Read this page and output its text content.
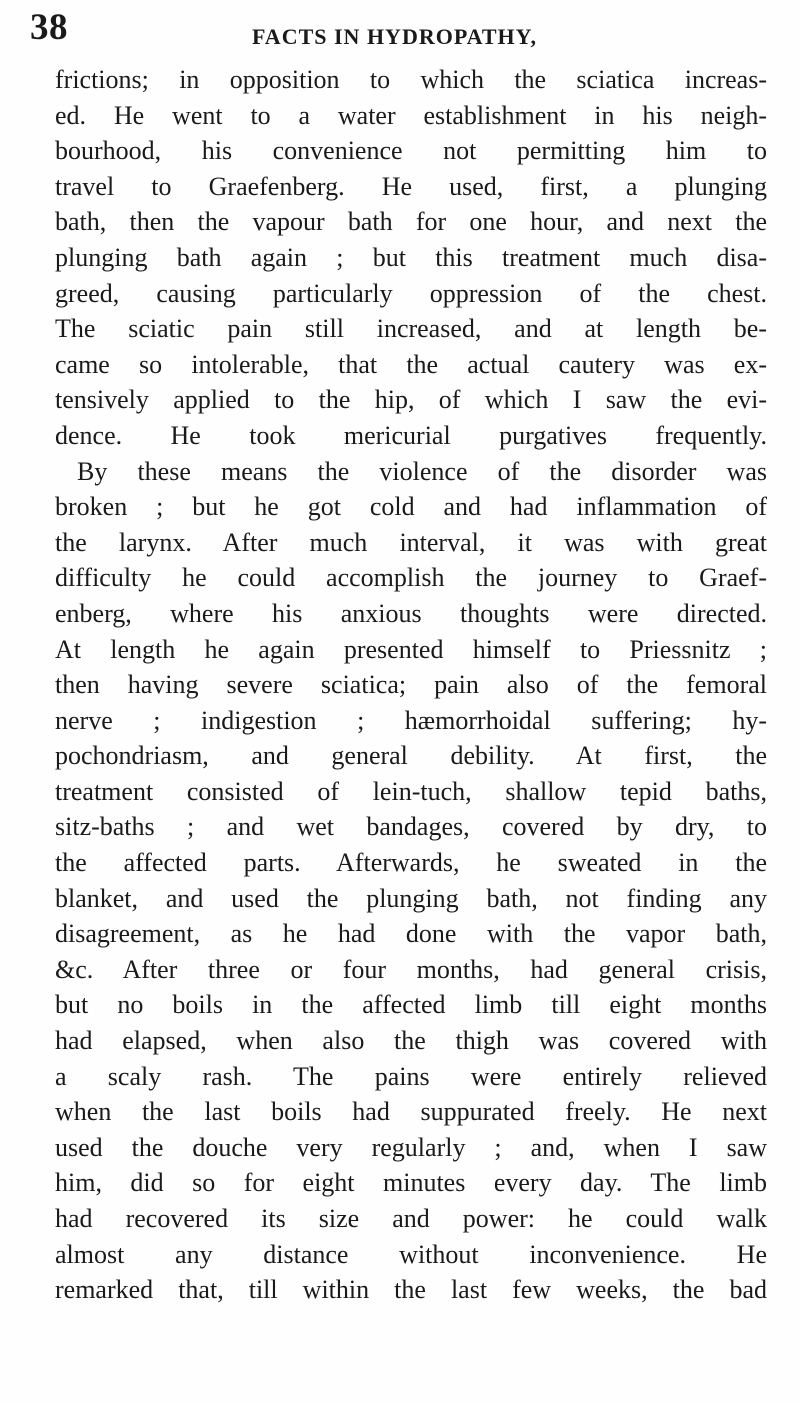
38	FACTS IN HYDROPATHY,
frictions; in opposition to which the sciatica increas-
ed. He went to a water establishment in his neigh-
bourhood, his convenience not permitting him to
travel to Graefenberg. He used, first, a plunging
bath, then the vapour bath for one hour, and next the
plunging bath again ; but this treatment much disa-
greed, causing particularly oppression of the chest.
The sciatic pain still increased, and at length be-
came so intolerable, that the actual cautery was ex-
tensively applied to the hip, of which I saw the evi-
dence. He took mericurial purgatives frequently.
By these means the violence of the disorder was
broken ; but he got cold and had inflammation of
the larynx. After much interval, it was with great
difficulty he could accomplish the journey to Graef-
enberg, where his anxious thoughts were directed.
At length he again presented himself to Priessnitz ;
then having severe sciatica; pain also of the femoral
nerve ; indigestion ; hæmorrhoidal suffering; hy-
pochondriasm, and general debility. At first, the
treatment consisted of lein-tuch, shallow tepid baths,
sitz-baths ; and wet bandages, covered by dry, to
the affected parts. Afterwards, he sweated in the
blanket, and used the plunging bath, not finding any
disagreement, as he had done with the vapor bath,
&c. After three or four months, had general crisis,
but no boils in the affected limb till eight months
had elapsed, when also the thigh was covered with
a scaly rash. The pains were entirely relieved
when the last boils had suppurated freely. He next
used the douche very regularly ; and, when I saw
him, did so for eight minutes every day. The limb
had recovered its size and power: he could walk
almost any distance without inconvenience. He
remarked that, till within the last few weeks, the bad
